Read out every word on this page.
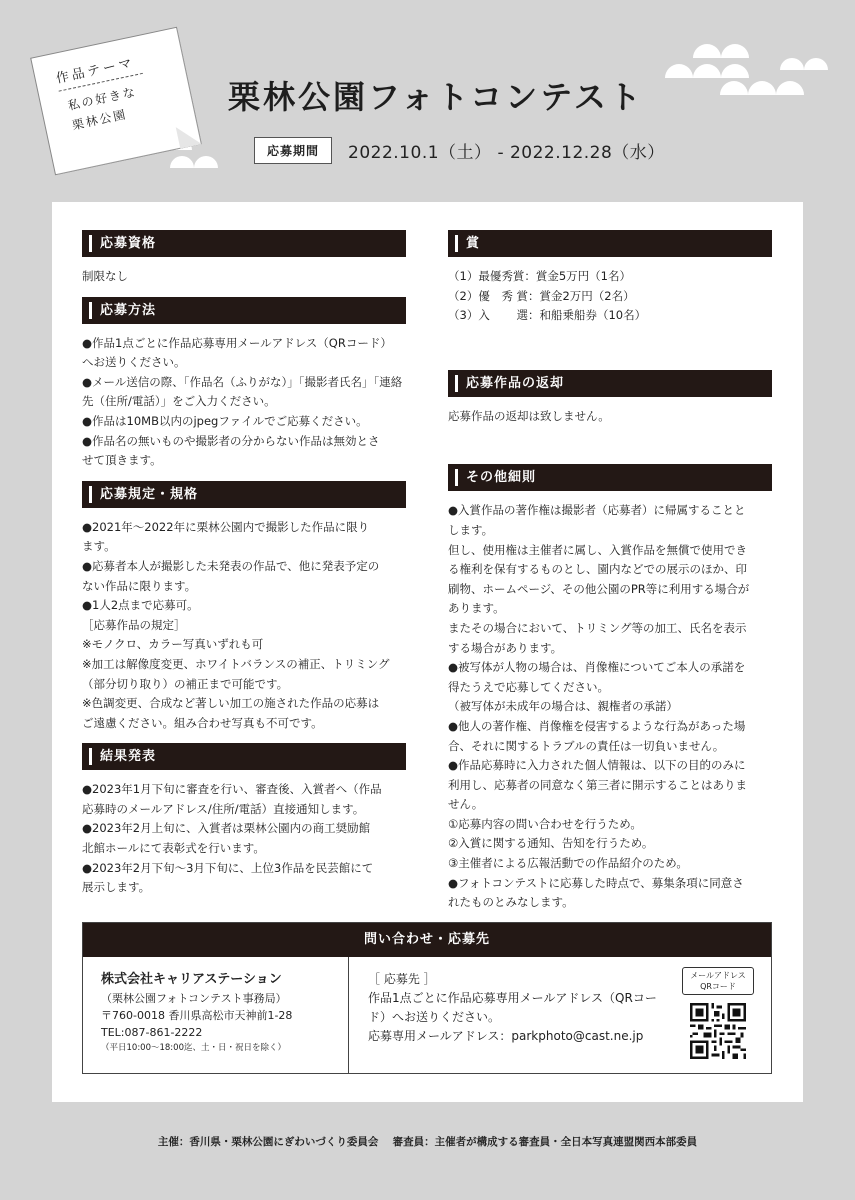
作品テーマ
私の好きな
栗林公園
栗林公園フォトコンテスト
応募期間	2022.10.1（土） - 2022.12.28（水）
応募資格
制限なし
応募方法
●作品1点ごとに作品応募専用メールアドレス（QRコード）
へお送りください。
●メール送信の際、「作品名（ふりがな）」「撮影者氏名」「連絡
先（住所/電話）」をご入力ください。
●作品は10MB以内のjpegファイルでご応募ください。
●作品名の無いものや撮影者の分からない作品は無効とさ
せて頂きます。
応募規定・規格
●2021年～2022年に栗林公園内で撮影した作品に限り
ます。
●応募者本人が撮影した未発表の作品で、他に発表予定の
ない作品に限ります。
●1人2点まで応募可。
［応募作品の規定］
※モノクロ、カラー写真いずれも可
※加工は解像度変更、ホワイトバランスの補正、トリミング
（部分切り取り）の補正まで可能です。
※色調変更、合成など著しい加工の施された作品の応募は
ご遠慮ください。組み合わせ写真も不可です。
結果発表
●2023年1月下旬に審査を行い、審査後、入賞者へ（作品
応募時のメールアドレス/住所/電話）直接通知します。
●2023年2月上旬に、入賞者は栗林公園内の商工奨励館
北館ホールにて表彰式を行います。
●2023年2月下旬～3月下旬に、上位3作品を民芸館にて
展示します。
賞
（1）最優秀賞：賞金5万円（1名）
（2）優　秀 賞：賞金2万円（2名）
（3）入　　 選：和船乗船券（10名）
応募作品の返却
応募作品の返却は致しません。
その他細則
●入賞作品の著作権は撮影者（応募者）に帰属することと
します。
但し、使用権は主催者に属し、入賞作品を無償で使用でき
る権利を保有するものとし、園内などでの展示のほか、印
刷物、ホームページ、その他公園のPR等に利用する場合が
あります。
またその場合において、トリミング等の加工、氏名を表示
する場合があります。
●被写体が人物の場合は、肖像権についてご本人の承諾を
得たうえで応募してください。
（被写体が未成年の場合は、親権者の承諾）
●他人の著作権、肖像権を侵害するような行為があった場
合、それに関するトラブルの責任は一切負いません。
●作品応募時に入力された個人情報は、以下の目的のみに
利用し、応募者の同意なく第三者に開示することはありま
せん。
①応募内容の問い合わせを行うため。
②入賞に関する通知、告知を行うため。
③主催者による広報活動での作品紹介のため。
●フォトコンテストに応募した時点で、募集条項に同意さ
れたものとみなします。
問い合わせ・応募先
株式会社キャリアステーション
（栗林公園フォトコンテスト事務局）
〒760-0018 香川県高松市天神前1-28
TEL:087-861-2222
（平日10:00～18:00迄、土・日・祝日を除く）
［ 応募先 ］
作品1点ごとに作品応募専用メールアドレス（QRコー
ド）へお送りください。
応募専用メールアドレス：parkphoto@cast.ne.jp
メールアドレス
QRコード
主催：香川県・栗林公園にぎわいづくり委員会　 審査員：主催者が構成する審査員・全日本写真連盟関西本部委員
